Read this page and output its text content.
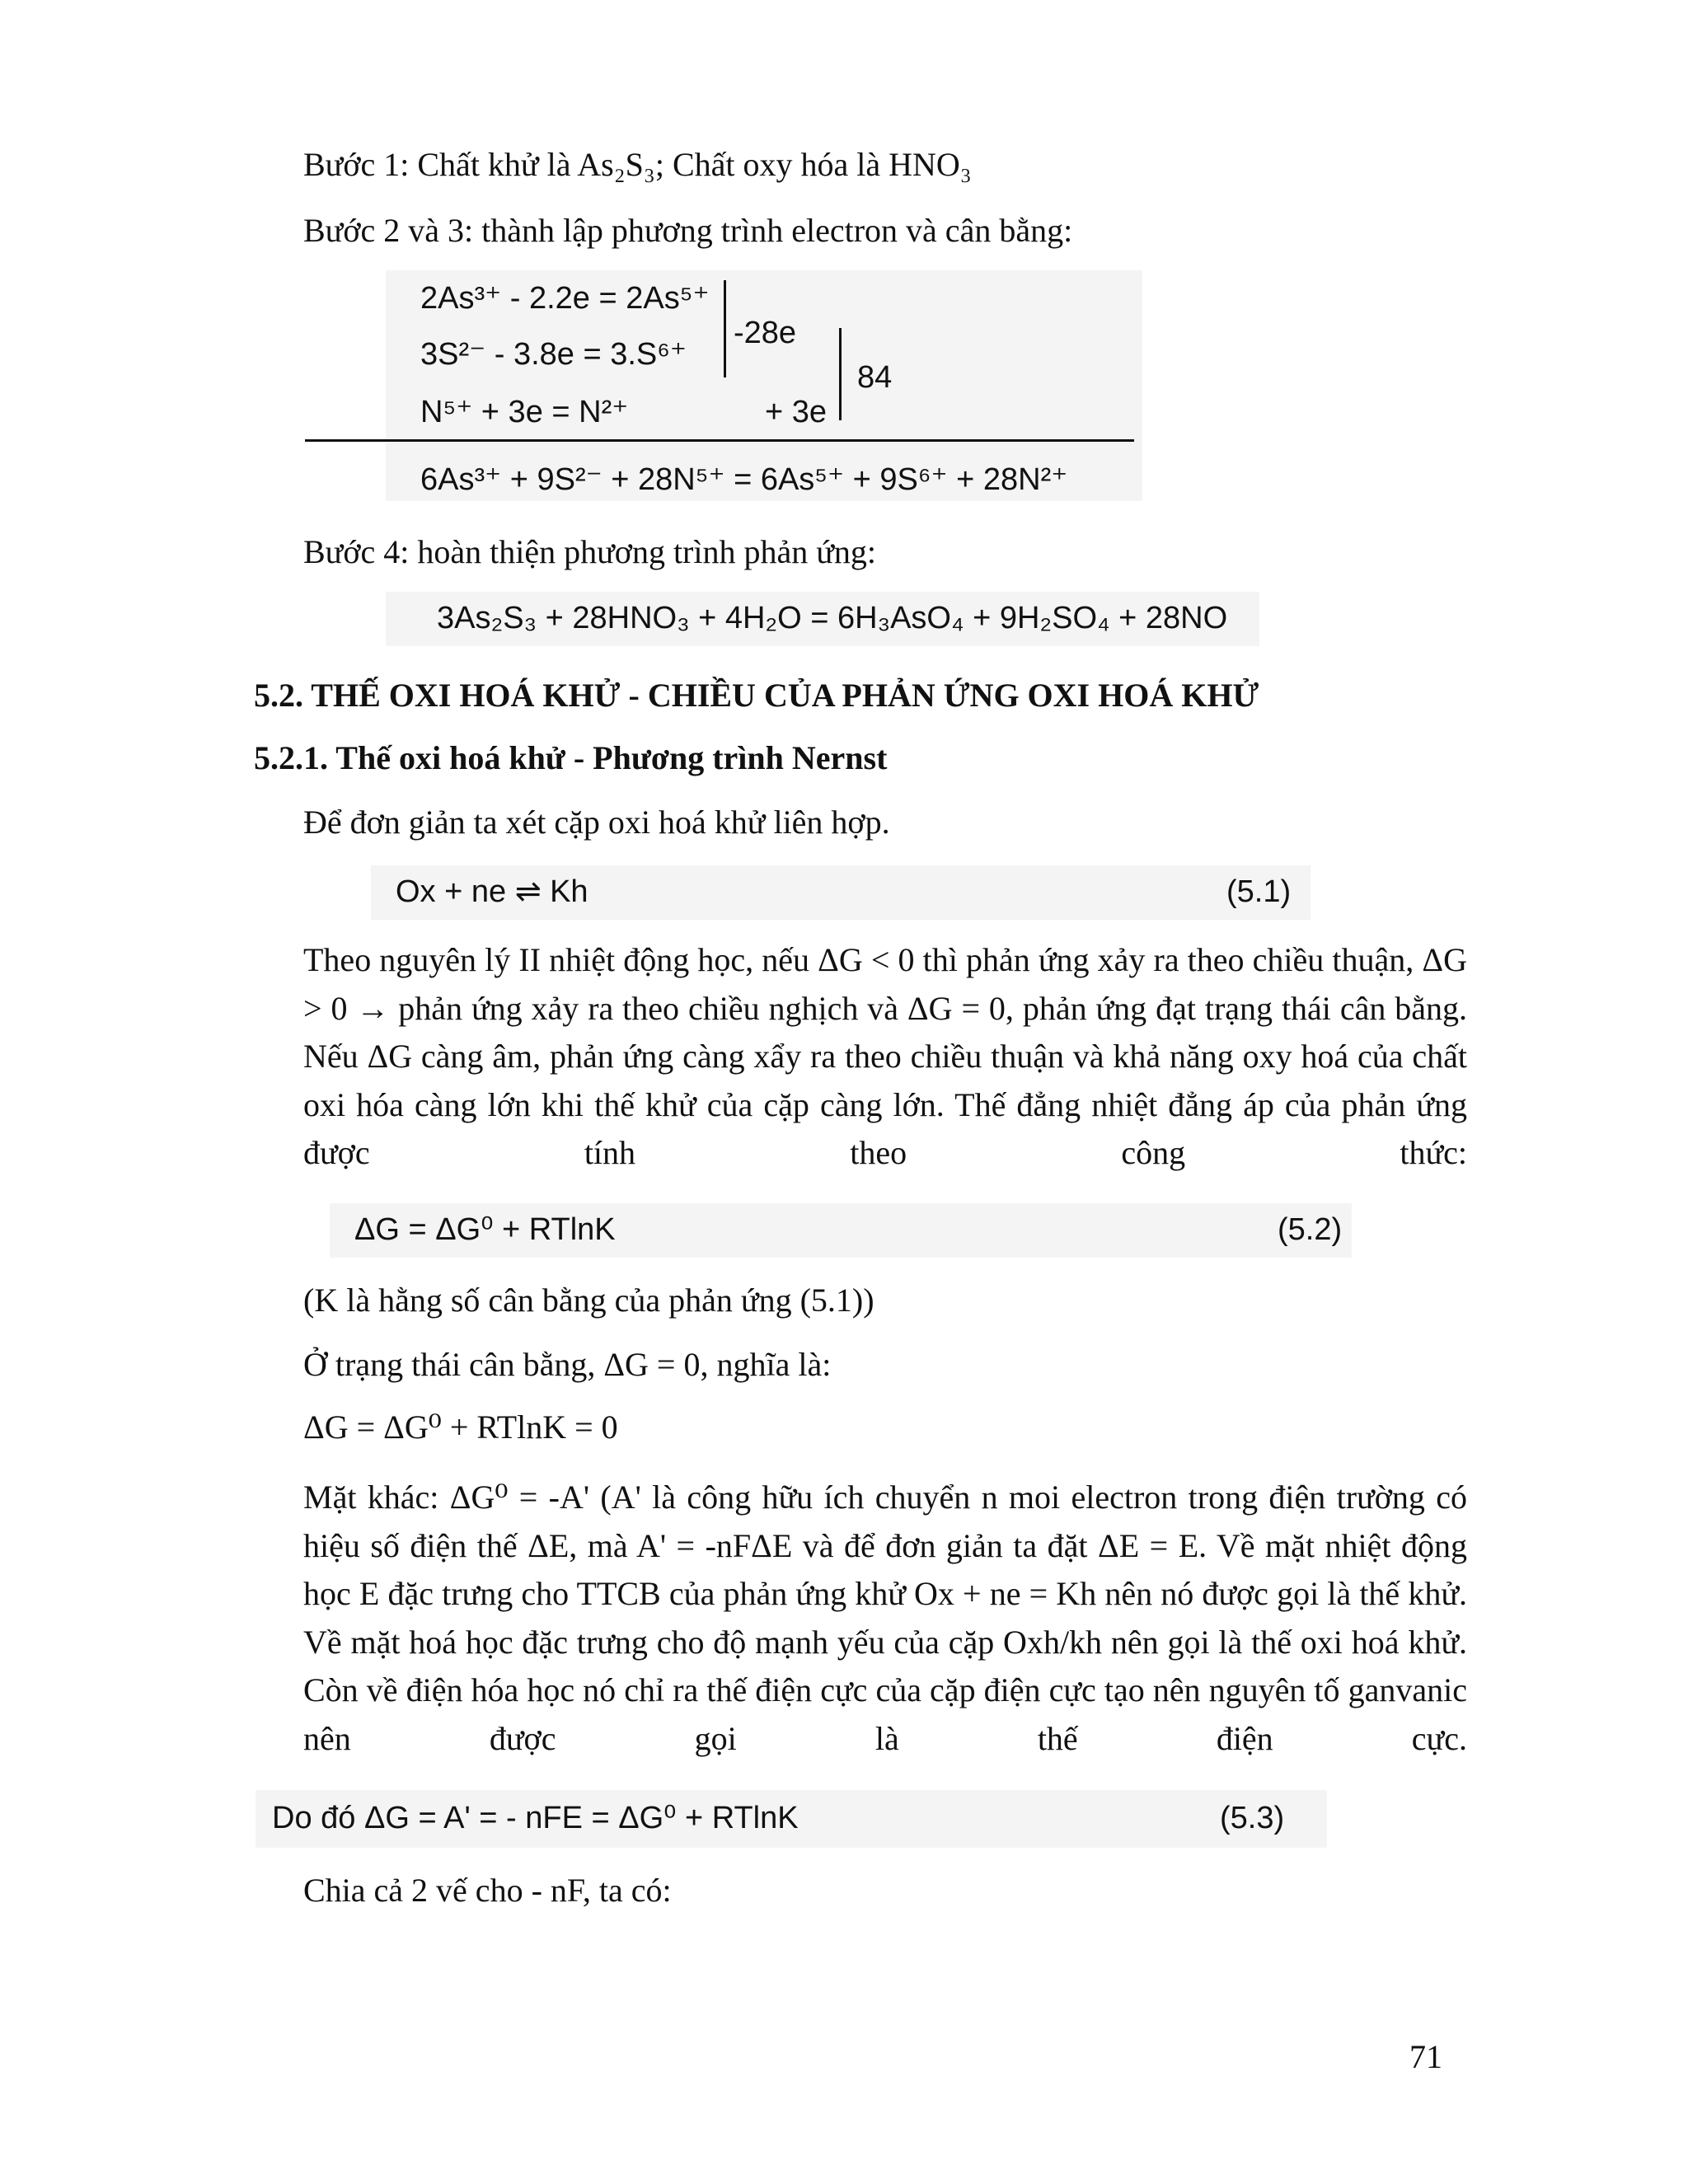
Bước 1: Chất khử là As₂S₃; Chất oxy hóa là HNO₃
Bước 2 và 3: thành lập phương trình electron và cân bằng:
2As³⁺ - 2.2e = 2As⁵⁺
3S²⁻ - 3.8e = 3.S⁶⁺
N⁵⁺ + 3e = N²⁺
-28e
+ 3e
84
6As³⁺ + 9S²⁻ + 28N⁵⁺ = 6As⁵⁺ + 9S⁶⁺ + 28N²⁺
Bước 4: hoàn thiện phương trình phản ứng:
3As₂S₃ + 28HNO₃ + 4H₂O = 6H₃AsO₄ + 9H₂SO₄ + 28NO
5.2. THẾ OXI HOÁ KHỬ - CHIỀU CỦA PHẢN ỨNG OXI HOÁ KHỬ
5.2.1. Thế oxi hoá khử - Phương trình Nernst
Để đơn giản ta xét cặp oxi hoá khử liên hợp.
Ox + ne ⇌ Kh	(5.1)
Theo nguyên lý II nhiệt động học, nếu ΔG < 0 thì phản ứng xảy ra theo chiều thuận, ΔG > 0 → phản ứng xảy ra theo chiều nghịch và ΔG = 0, phản ứng đạt trạng thái cân bằng. Nếu ΔG càng âm, phản ứng càng xẩy ra theo chiều thuận và khả năng oxy hoá của chất oxi hóa càng lớn khi thế khử của cặp càng lớn. Thế đẳng nhiệt đẳng áp của phản ứng được tính theo công thức:
ΔG = ΔG⁰ + RTlnK	(5.2)
(K là hằng số cân bằng của phản ứng (5.1))
Ở trạng thái cân bằng, ΔG = 0, nghĩa là:
ΔG = ΔG⁰ + RTlnK = 0
Mặt khác: ΔG⁰ = -A' (A' là công hữu ích chuyển n moi electron trong điện trường có hiệu số điện thế ΔE, mà A' = -nFΔE và để đơn giản ta đặt ΔE = E. Về mặt nhiệt động học E đặc trưng cho TTCB của phản ứng khử Ox + ne = Kh nên nó được gọi là thế khử. Về mặt hoá học đặc trưng cho độ mạnh yếu của cặp Oxh/kh nên gọi là thế oxi hoá khử. Còn về điện hóa học nó chỉ ra thế điện cực của cặp điện cực tạo nên nguyên tố ganvanic nên được gọi là thế điện cực.
Do đó ΔG = A' = - nFE = ΔG⁰ + RTlnK	(5.3)
Chia cả 2 vế cho - nF, ta có:
71
